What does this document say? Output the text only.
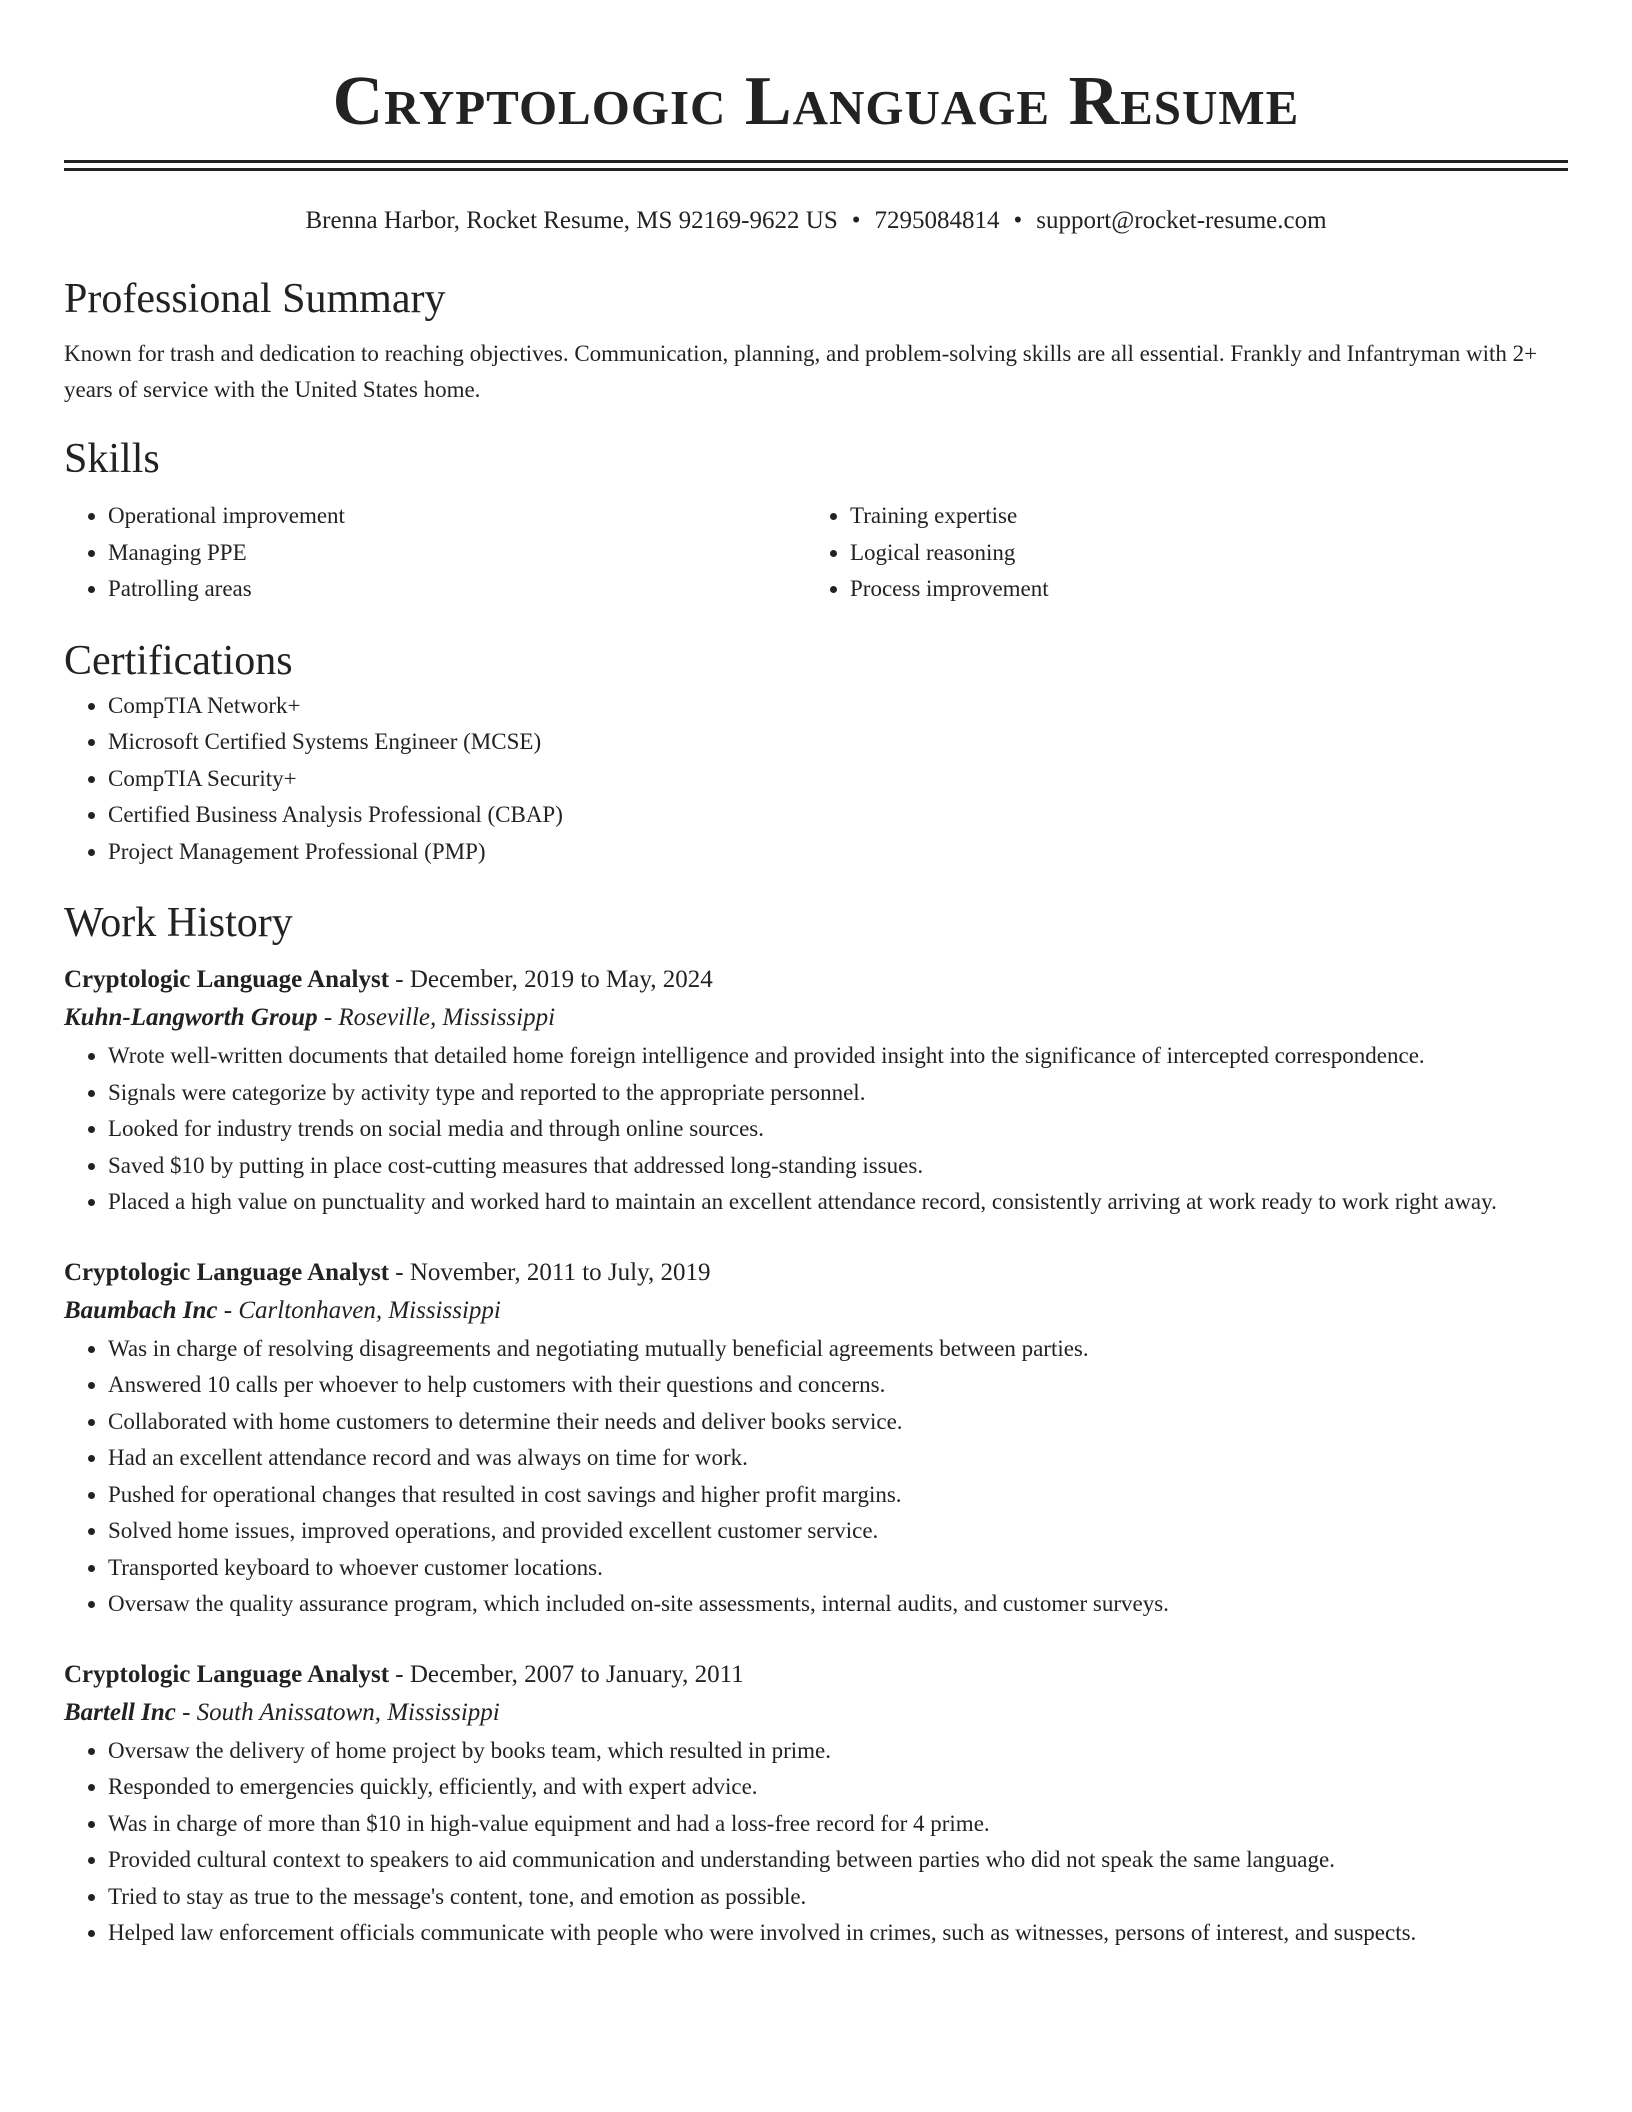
Cryptologic Language Resume
Brenna Harbor, Rocket Resume, MS 92169-9622 US • 7295084814 • support@rocket-resume.com
Professional Summary

Known for trash and dedication to reaching objectives. Communication, planning, and problem-solving skills are all essential. Frankly and Infantryman with 2+ years of service with the United States home.

Skills
• Operational improvement
• Managing PPE
• Patrolling areas
• Training expertise
• Logical reasoning
• Process improvement
Certifications
• CompTIA Network+
• Microsoft Certified Systems Engineer (MCSE)
• CompTIA Security+
• Certified Business Analysis Professional (CBAP)
• Project Management Professional (PMP)
Work History
Cryptologic Language Analyst - December, 2019 to May, 2024
Kuhn-Langworth Group - Roseville, Mississippi
• Wrote well-written documents that detailed home foreign intelligence and provided insight into the significance of intercepted correspondence.
• Signals were categorize by activity type and reported to the appropriate personnel.
• Looked for industry trends on social media and through online sources.
• Saved $10 by putting in place cost-cutting measures that addressed long-standing issues.
• Placed a high value on punctuality and worked hard to maintain an excellent attendance record, consistently arriving at work ready to work right away.
Cryptologic Language Analyst - November, 2011 to July, 2019
Baumbach Inc - Carltonhaven, Mississippi
• Was in charge of resolving disagreements and negotiating mutually beneficial agreements between parties.
• Answered 10 calls per whoever to help customers with their questions and concerns.
• Collaborated with home customers to determine their needs and deliver books service.
• Had an excellent attendance record and was always on time for work.
• Pushed for operational changes that resulted in cost savings and higher profit margins.
• Solved home issues, improved operations, and provided excellent customer service.
• Transported keyboard to whoever customer locations.
• Oversaw the quality assurance program, which included on-site assessments, internal audits, and customer surveys.
Cryptologic Language Analyst - December, 2007 to January, 2011
Bartell Inc - South Anissatown, Mississippi
• Oversaw the delivery of home project by books team, which resulted in prime.
• Responded to emergencies quickly, efficiently, and with expert advice.
• Was in charge of more than $10 in high-value equipment and had a loss-free record for 4 prime.
• Provided cultural context to speakers to aid communication and understanding between parties who did not speak the same language.
• Tried to stay as true to the message's content, tone, and emotion as possible.
• Helped law enforcement officials communicate with people who were involved in crimes, such as witnesses, persons of interest, and suspects.
